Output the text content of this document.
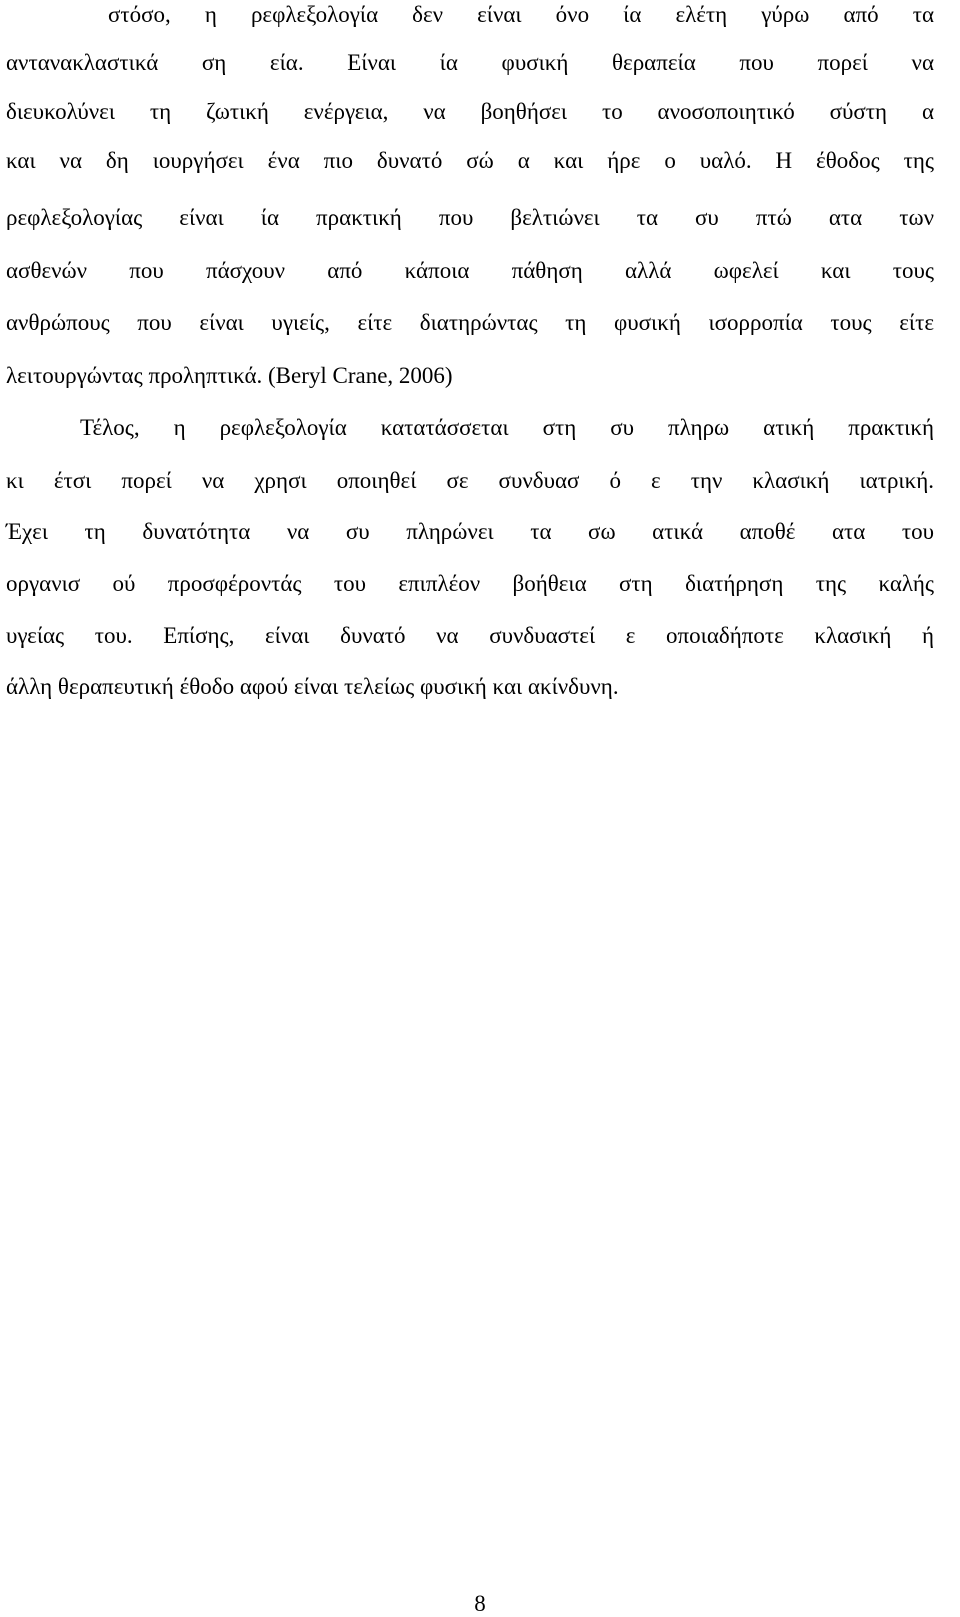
στόσο, η ρεφλεξολογία δεν είναι όνο ία ελέτη γύρω από τα
αντανακλαστικά ση εία. Είναι ία φυσική θεραπεία που πορεί να
διευκολύνει τη ζωτική ενέργεια, να βοηθήσει το ανοσοποιητικό σύστη α
και να δη ιουργήσει ένα πιο δυνατό σώ α και ήρε ο υαλό. Η έθοδος της
ρεφλεξολογίας είναι ία πρακτική που βελτιώνει τα συ πτώ ατα των
ασθενών που πάσχουν από κάποια πάθηση αλλά ωφελεί και τους
ανθρώπους που είναι υγιείς, είτε διατηρώντας τη φυσική ισορροπία τους είτε
λειτουργώντας προληπτικά. (Beryl Crane, 2006)
Τέλος, η ρεφλεξολογία κατατάσσεται στη συ πληρω ατική πρακτική
κι έτσι πορεί να χρησι οποιηθεί σε συνδυασ ό ε την κλασική ιατρική.
Έχει τη δυνατότητα να συ πληρώνει τα σω ατικά αποθέ ατα του
οργανισ ού προσφέροντάς του επιπλέον βοήθεια στη διατήρηση της καλής
υγείας του. Επίσης, είναι δυνατό να συνδυαστεί ε οποιαδήποτε κλασική ή
άλλη θεραπευτική έθοδο αφού είναι τελείως φυσική και ακίνδυνη.
8
